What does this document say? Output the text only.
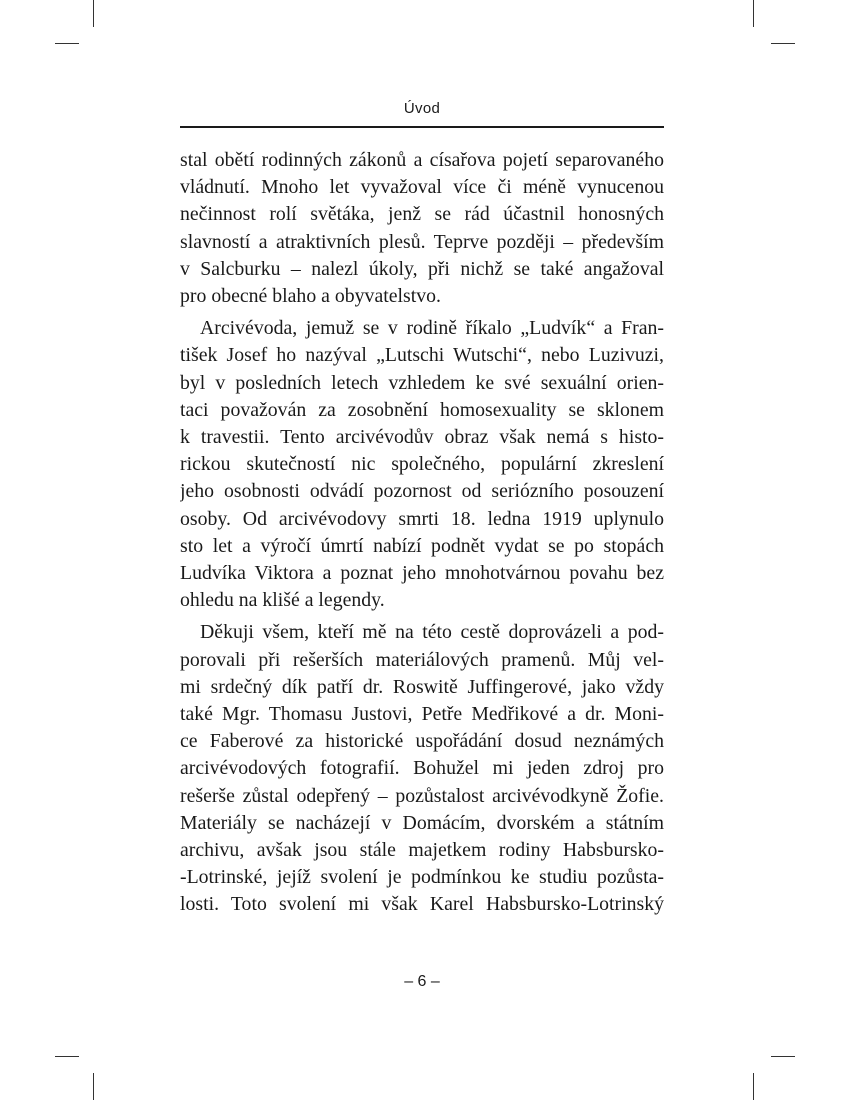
Úvod

stal obětí rodinných zákonů a císařova pojetí separovaného
vládnutí. Mnoho let vyvažoval více či méně vynucenou
nečinnost rolí světáka, jenž se rád účastnil honosných
slavností a atraktivních plesů. Teprve později – především
v Salcburku – nalezl úkoly, při nichž se také angažoval
pro obecné blaho a obyvatelstvo.

Arcivévoda, jemuž se v rodině říkalo „Ludvík“ a Fran-
tišek Josef ho nazýval „Lutschi Wutschi“, nebo Luzivuzi,
byl v posledních letech vzhledem ke své sexuální orien-
taci považován za zosobnění homosexuality se sklonem
k travestii. Tento arcivévodův obraz však nemá s histo-
rickou skutečností nic společného, populární zkreslení
jeho osobnosti odvádí pozornost od seriózního posouzení
osoby. Od arcivévodovy smrti 18. ledna 1919 uplynulo
sto let a výročí úmrtí nabízí podnět vydat se po stopách
Ludvíka Viktora a poznat jeho mnohotvárnou povahu bez
ohledu na klišé a legendy.

Děkuji všem, kteří mě na této cestě doprovázeli a pod-
porovali při rešerších materiálových pramenů. Můj vel-
mi srdečný dík patří dr. Roswitě Juffingerové, jako vždy
také Mgr. Thomasu Justovi, Petře Medřikové a dr. Moni-
ce Faberové za historické uspořádání dosud neznámých
arcivévodových fotografií. Bohužel mi jeden zdroj pro
rešerše zůstal odepřený – pozůstalost arcivévodkyně Žofie.
Materiály se nacházejí v Domácím, dvorském a státním
archivu, avšak jsou stále majetkem rodiny Habsbursko-
-Lotrinské, jejíž svolení je podmínkou ke studiu pozůsta-
losti. Toto svolení mi však Karel Habsbursko-Lotrinský

– 6 –
